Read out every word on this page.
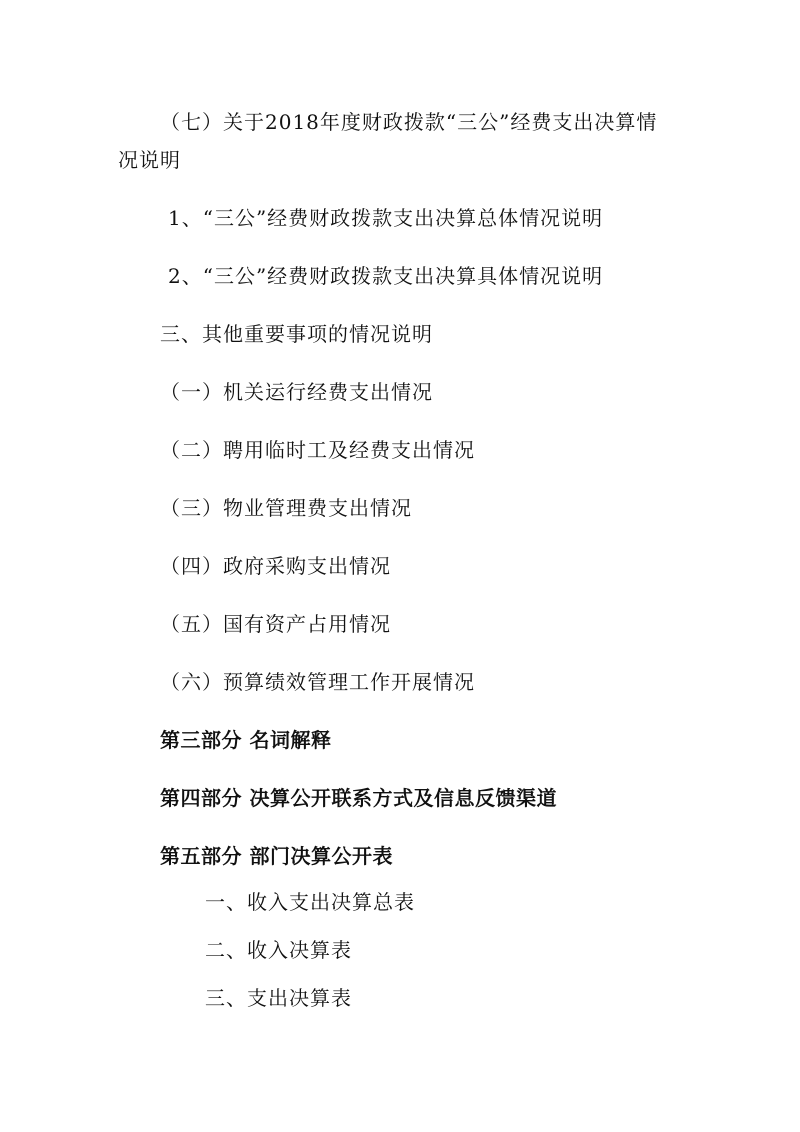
（七）关于2018年度财政拨款“三公”经费支出决算情
况说明
1、“三公”经费财政拨款支出决算总体情况说明
2、“三公”经费财政拨款支出决算具体情况说明
三、其他重要事项的情况说明
（一）机关运行经费支出情况
（二）聘用临时工及经费支出情况
（三）物业管理费支出情况
（四）政府采购支出情况
（五）国有资产占用情况
（六）预算绩效管理工作开展情况
第三部分 名词解释
第四部分 决算公开联系方式及信息反馈渠道
第五部分 部门决算公开表
一、收入支出决算总表
二、收入决算表
三、支出决算表
